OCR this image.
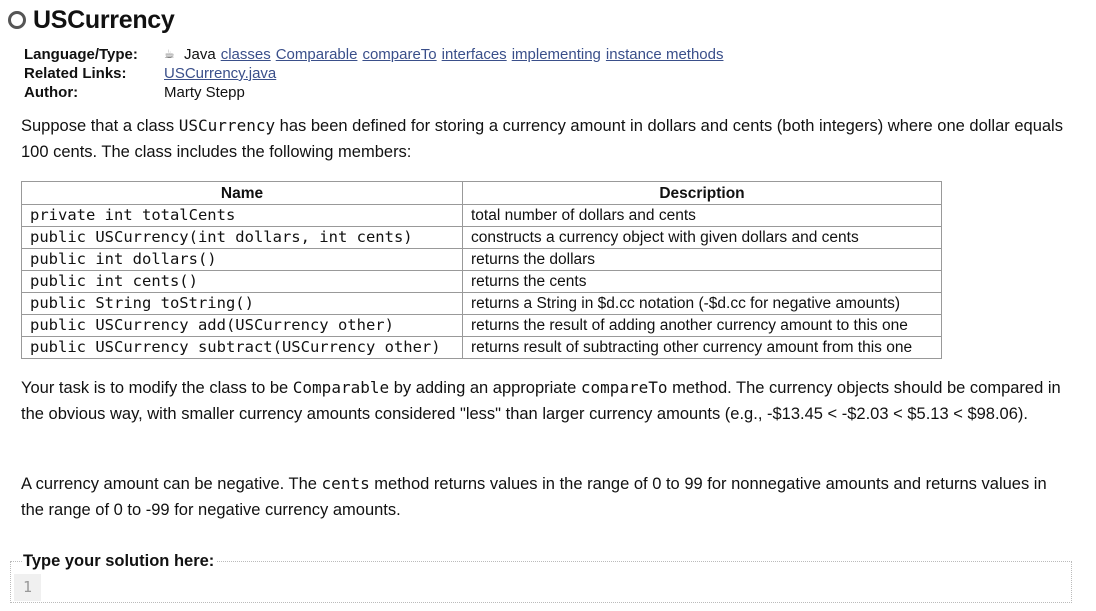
USCurrency
Language/Type:	☕ Java classes Comparable compareTo interfaces implementing instance methods
Related Links:	USCurrency.java
Author:	Marty Stepp

Suppose that a class USCurrency has been defined for storing a currency amount in dollars and cents (both integers) where one dollar equals 100 cents. The class includes the following members:

Name	Description
private int totalCents	total number of dollars and cents
public USCurrency(int dollars, int cents)	constructs a currency object with given dollars and cents
public int dollars()	returns the dollars
public int cents()	returns the cents
public String toString()	returns a String in $d.cc notation (-$d.cc for negative amounts)
public USCurrency add(USCurrency other)	returns the result of adding another currency amount to this one
public USCurrency subtract(USCurrency other)	returns result of subtracting other currency amount from this one

Your task is to modify the class to be Comparable by adding an appropriate compareTo method. The currency objects should be compared in the obvious way, with smaller currency amounts considered "less" than larger currency amounts (e.g., -$13.45 < -$2.03 < $5.13 < $98.06).

A currency amount can be negative. The cents method returns values in the range of 0 to 99 for nonnegative amounts and returns values in the range of 0 to -99 for negative currency amounts.

Type your solution here:
1
